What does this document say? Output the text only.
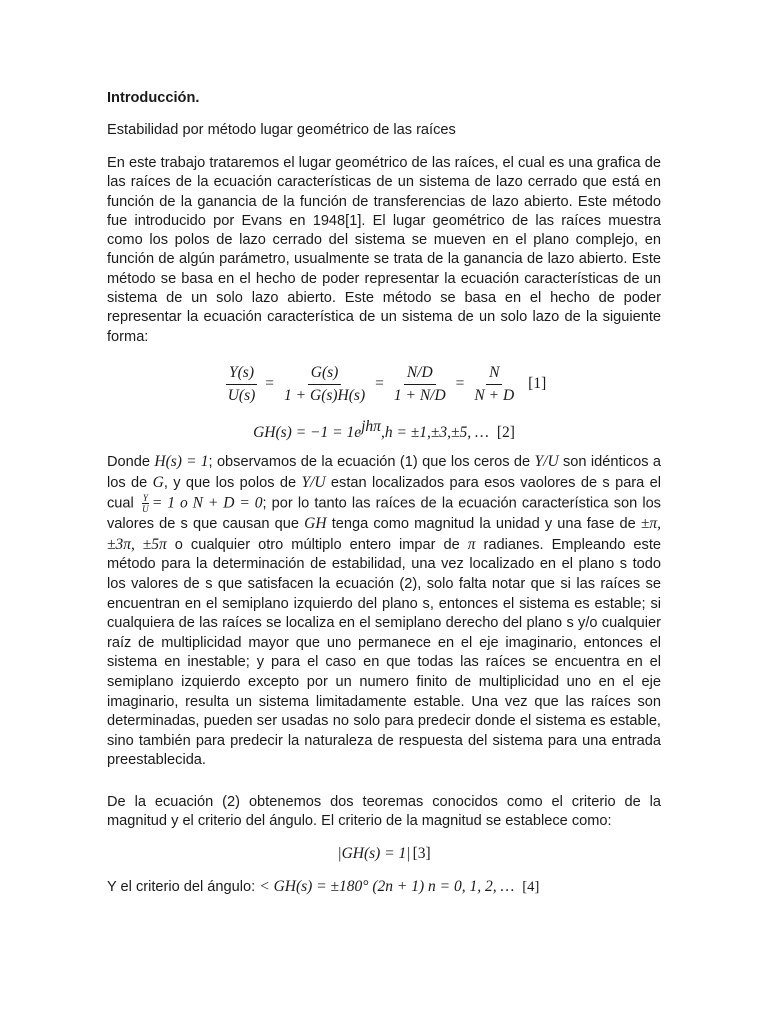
Introducción.

Estabilidad por método lugar geométrico de las raíces

En este trabajo trataremos el lugar geométrico de las raíces, el cual es una grafica de las raíces de la ecuación características de un sistema de lazo cerrado que está en función de la ganancia de la función de transferencias de lazo abierto. Este método fue introducido por Evans en 1948[1]. El lugar geométrico de las raíces muestra como los polos de lazo cerrado del sistema se mueven en el plano complejo, en función de algún parámetro, usualmente se trata de la ganancia de lazo abierto. Este método se basa en el hecho de poder representar la ecuación características de un sistema de un solo lazo abierto. Este método se basa en el hecho de poder representar la ecuación característica de un sistema de un solo lazo de la siguiente forma:

$\frac{Y(s)}{U(s)} = \frac{G(s)}{1 + G(s)H(s)} = \frac{N/D}{1 + N/D} = \frac{N}{N + D} [1]$
$GH(s) = -1 = 1e^{jh\pi},h = \pm 1,\pm 3,\pm 5$, … [2]

Donde H(s) = 1; observamos de la ecuación (1) que los ceros de Y/U son idénticos a los de G, y que los polos de Y/U estan localizados para esos vaolores de s para el cual $\frac{Y}{U} = 1$ o N + D = 0; por lo tanto las raíces de la ecuación característica son los valores de s que causan que GH tenga como magnitud la unidad y una fase de ±π,±3π, ±5π o cualquier otro múltiplo entero impar de π radianes. Empleando este método para la determinación de estabilidad, una vez localizado en el plano s todo los valores de s que satisfacen la ecuación (2), solo falta notar que si las raíces se encuentran en el semiplano izquierdo del plano s, entonces el sistema es estable; si cualquiera de las raíces se localiza en el semiplano derecho del plano s y/o cualquier raíz de multiplicidad mayor que uno permanece en el eje imaginario, entonces el sistema en inestable; y para el caso en que todas las raíces se encuentra en el semiplano izquierdo excepto por un numero finito de multiplicidad uno en el eje imaginario, resulta un sistema limitadamente estable. Una vez que las raíces son determinadas, pueden ser usadas no solo para predecir donde el sistema es estable, sino también para predecir la naturaleza de respuesta del sistema para una entrada preestablecida.

De la ecuación (2) obtenemos dos teoremas conocidos como el criterio de la magnitud y el criterio del ángulo. El criterio de la magnitud se establece como:

|GH(s) = 1| [3]
Y el criterio del ángulo: < GH(s) = ±180° (2n + 1) n = 0, 1, 2, … [4]
